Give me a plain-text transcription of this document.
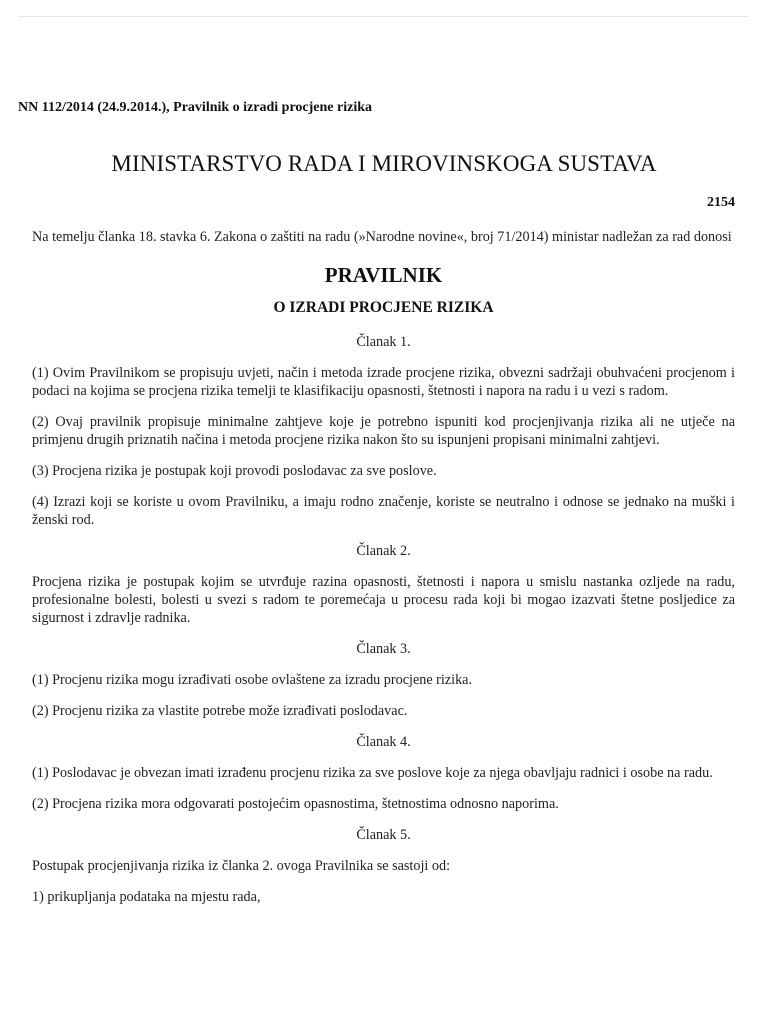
NN 112/2014 (24.9.2014.), Pravilnik o izradi procjene rizika
MINISTARSTVO RADA I MIROVINSKOGA SUSTAVA
2154

Na temelju članka 18. stavka 6. Zakona o zaštiti na radu (»Narodne novine«, broj 71/2014) ministar nadležan za rad donosi

PRAVILNIK
O IZRADI PROCJENE RIZIKA
Članak 1.

(1) Ovim Pravilnikom se propisuju uvjeti, način i metoda izrade procjene rizika, obvezni sadržaji obuhvaćeni procjenom i podaci na kojima se procjena rizika temelji te klasifikaciju opasnosti, štetnosti i napora na radu i u vezi s radom.

(2) Ovaj pravilnik propisuje minimalne zahtjeve koje je potrebno ispuniti kod procjenjivanja rizika ali ne utječe na primjenu drugih priznatih načina i metoda procjene rizika nakon što su ispunjeni propisani minimalni zahtjevi.

(3) Procjena rizika je postupak koji provodi poslodavac za sve poslove.

(4) Izrazi koji se koriste u ovom Pravilniku, a imaju rodno značenje, koriste se neutralno i odnose se jednako na muški i ženski rod.

Članak 2.

Procjena rizika je postupak kojim se utvrđuje razina opasnosti, štetnosti i napora u smislu nastanka ozljede na radu, profesionalne bolesti, bolesti u svezi s radom te poremećaja u procesu rada koji bi mogao izazvati štetne posljedice za sigurnost i zdravlje radnika.

Članak 3.

(1) Procjenu rizika mogu izrađivati osobe ovlaštene za izradu procjene rizika.

(2) Procjenu rizika za vlastite potrebe može izrađivati poslodavac.

Članak 4.

(1) Poslodavac je obvezan imati izrađenu procjenu rizika za sve poslove koje za njega obavljaju radnici i osobe na radu.

(2) Procjena rizika mora odgovarati postojećim opasnostima, štetnostima odnosno naporima.

Članak 5.

Postupak procjenjivanja rizika iz članka 2. ovoga Pravilnika se sastoji od:

1) prikupljanja podataka na mjestu rada,
